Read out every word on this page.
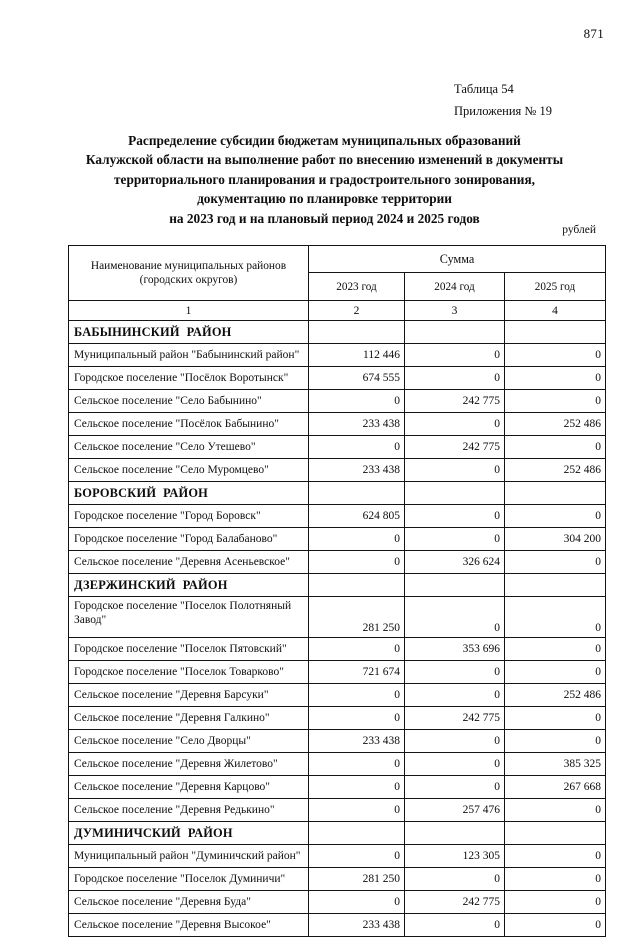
871
Таблица 54
Приложения № 19
Распределение субсидии бюджетам муниципальных образований
Калужской области на выполнение работ по внесению изменений в документы
территориального планирования и градостроительного зонирования,
документацию по планировке территории
на 2023 год и на плановый период 2024 и 2025 годов
рублей
Наименование муниципальных районов
(городских округов)	Сумма		
	2023 год	2024 год	2025 год
1	2	3	4
БАБЫНИНСКИЙ РАЙОН			
Муниципальный район "Бабынинский район"	112 446	0	0
Городское поселение "Посёлок Воротынск"	674 555	0	0
Сельское поселение "Село Бабынино"	0	242 775	0
Сельское поселение "Посёлок Бабынино"	233 438	0	252 486
Сельское поселение "Село Утешево"	0	242 775	0
Сельское поселение "Село Муромцево"	233 438	0	252 486
БОРОВСКИЙ РАЙОН			
Городское поселение "Город Боровск"	624 805	0	0
Городское поселение "Город Балабаново"	0	0	304 200
Сельское поселение "Деревня Асеньевское"	0	326 624	0
ДЗЕРЖИНСКИЙ РАЙОН			
Городское поселение "Поселок Полотняный Завод"	281 250	0	0
Городское поселение "Поселок Пятовский"	0	353 696	0
Городское поселение "Поселок Товарково"	721 674	0	0
Сельское поселение "Деревня Барсуки"	0	0	252 486
Сельское поселение "Деревня Галкино"	0	242 775	0
Сельское поселение "Село Дворцы"	233 438	0	0
Сельское поселение "Деревня Жилетово"	0	0	385 325
Сельское поселение "Деревня Карцово"	0	0	267 668
Сельское поселение "Деревня Редькино"	0	257 476	0
ДУМИНИЧСКИЙ РАЙОН			
Муниципальный район "Думиничский район"	0	123 305	0
Городское поселение "Поселок Думиничи"	281 250	0	0
Сельское поселение "Деревня Буда"	0	242 775	0
Сельское поселение "Деревня Высокое"	233 438	0	0
